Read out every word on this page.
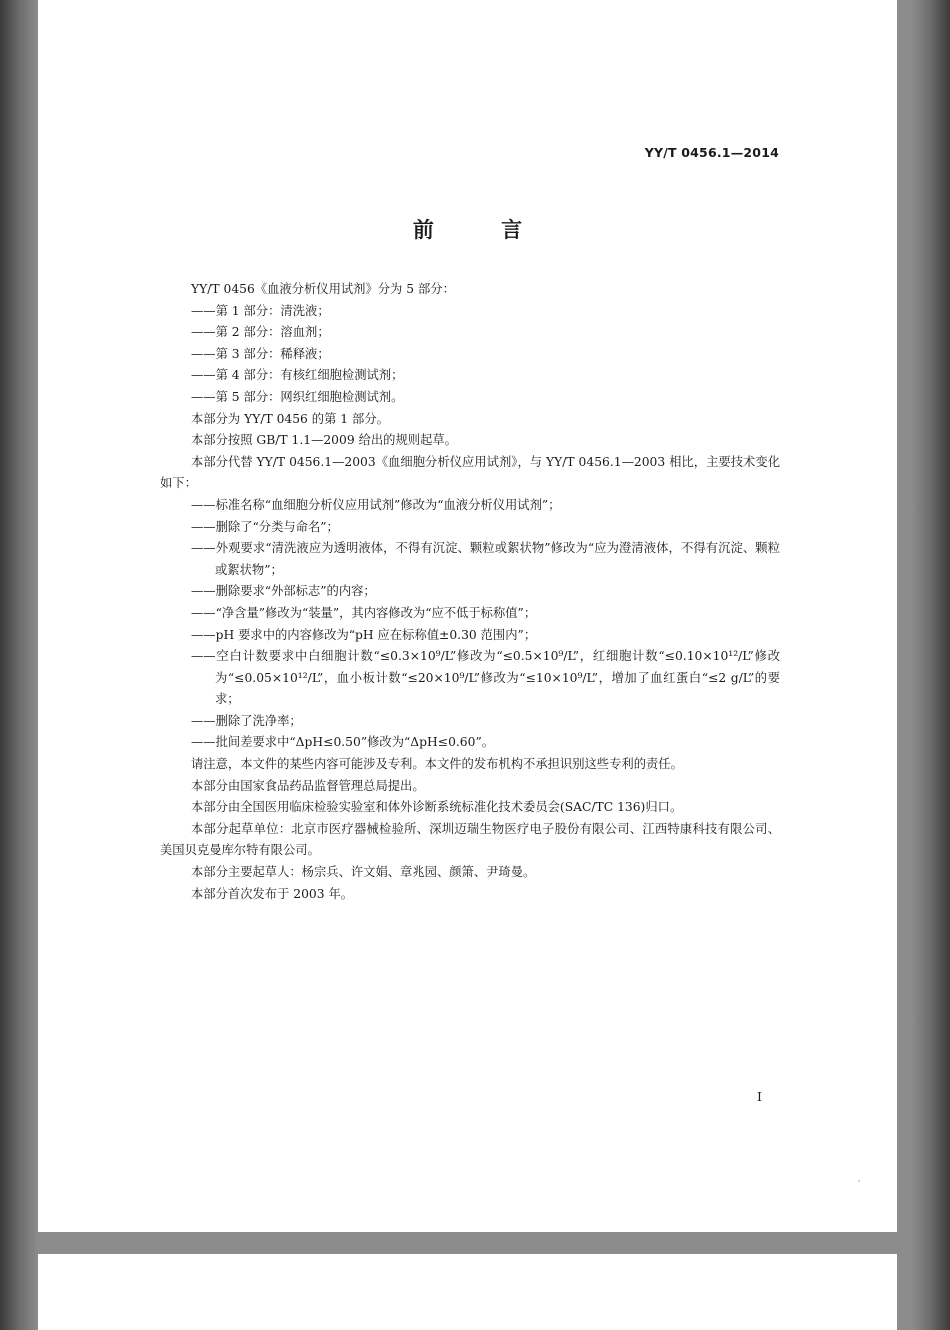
YY/T 0456.1—2014
前 言

YY/T 0456《血液分析仪用试剂》分为 5 部分：

——第 1 部分：清洗液；

——第 2 部分：溶血剂；

——第 3 部分：稀释液；

——第 4 部分：有核红细胞检测试剂；

——第 5 部分：网织红细胞检测试剂。

本部分为 YY/T 0456 的第 1 部分。

本部分按照 GB/T 1.1—2009 给出的规则起草。

本部分代替 YY/T 0456.1—2003《血细胞分析仪应用试剂》，与 YY/T 0456.1—2003 相比，主要技术变化如下：

——标准名称“血细胞分析仪应用试剂”修改为“血液分析仪用试剂”；

——删除了“分类与命名”；

——外观要求“清洗液应为透明液体，不得有沉淀、颗粒或絮状物”修改为“应为澄清液体，不得有沉淀、颗粒或絮状物”；

——删除要求“外部标志”的内容；

——“净含量”修改为“装量”，其内容修改为“应不低于标称值”；

——pH 要求中的内容修改为“pH 应在标称值±0.30 范围内”；

——空白计数要求中白细胞计数“≤0.3×10⁹/L”修改为“≤0.5×10⁹/L”，红细胞计数“≤0.10×10¹²/L”修改为“≤0.05×10¹²/L”，血小板计数“≤20×10⁹/L”修改为“≤10×10⁹/L”，增加了血红蛋白“≤2 g/L”的要求；

——删除了洗净率；

——批间差要求中“ΔpH≤0.50”修改为“ΔpH≤0.60”。

请注意，本文件的某些内容可能涉及专利。本文件的发布机构不承担识别这些专利的责任。

本部分由国家食品药品监督管理总局提出。

本部分由全国医用临床检验实验室和体外诊断系统标准化技术委员会(SAC/TC 136)归口。

本部分起草单位：北京市医疗器械检验所、深圳迈瑞生物医疗电子股份有限公司、江西特康科技有限公司、美国贝克曼库尔特有限公司。

本部分主要起草人：杨宗兵、许文娟、章兆园、颜箫、尹琦曼。

本部分首次发布于 2003 年。

I
